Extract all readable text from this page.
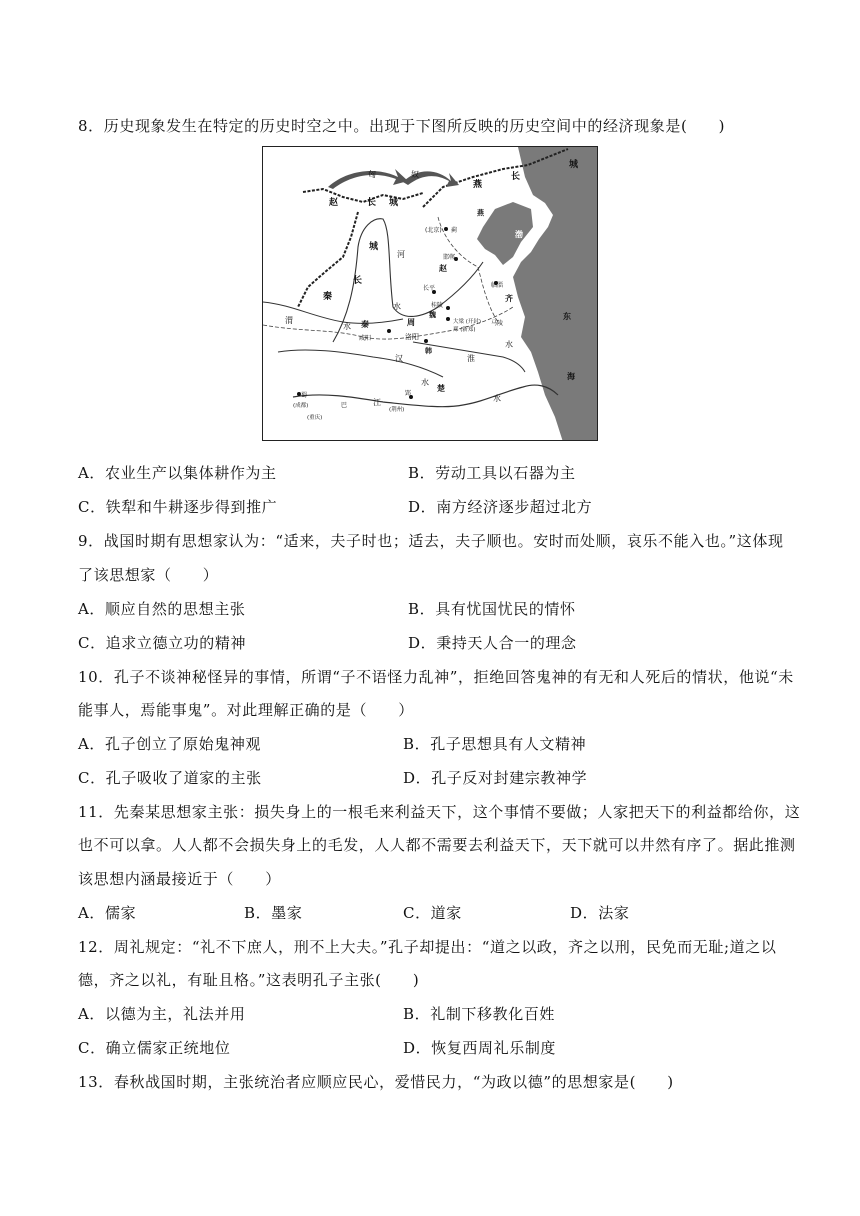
8．历史现象发生在特定的历史时空之中。出现于下图所反映的历史空间中的经济现象是(　　)
匈	奴
赵	长 城
燕
长
城
城
长
秦
河
水
燕
(北京) 蓟	渤
海
邯郸
赵
长平	临淄
齐
马陵
桂陵
魏
大梁 (开封)
郑 (新郑)
周
洛阳
韩
渭
水 秦
咸阳
汉	淮
水
东
海
蜀
(成都)	巴
(重庆)
江
郢
(荆州)
水
楚
水
A．农业生产以集体耕作为主	B．劳动工具以石器为主
C．铁犁和牛耕逐步得到推广	D．南方经济逐步超过北方
9．战国时期有思想家认为：“适来，夫子时也；适去，夫子顺也。安时而处顺，哀乐不能入也。”这体现
了该思想家（　　）
A．顺应自然的思想主张	B．具有忧国忧民的情怀
C．追求立德立功的精神	D．秉持天人合一的理念
10．孔子不谈神秘怪异的事情，所谓“子不语怪力乱神”，拒绝回答鬼神的有无和人死后的情状，他说“未
能事人，焉能事鬼”。对此理解正确的是（　　）
A．孔子创立了原始鬼神观	B．孔子思想具有人文精神
C．孔子吸收了道家的主张	D．孔子反对封建宗教神学
11．先秦某思想家主张：损失身上的一根毛来利益天下，这个事情不要做；人家把天下的利益都给你，这
也不可以拿。人人都不会损失身上的毛发，人人都不需要去利益天下，天下就可以井然有序了。据此推测
该思想内涵最接近于（　　）
A．儒家	B．墨家	C．道家	D．法家
12．周礼规定：“礼不下庶人，刑不上大夫。”孔子却提出：“道之以政，齐之以刑，民免而无耻;道之以
德，齐之以礼，有耻且格。”这表明孔子主张(　　)
A．以德为主，礼法并用	B．礼制下移教化百姓
C．确立儒家正统地位	D．恢复西周礼乐制度
13．春秋战国时期，主张统治者应顺应民心，爱惜民力，“为政以德”的思想家是(　　)
